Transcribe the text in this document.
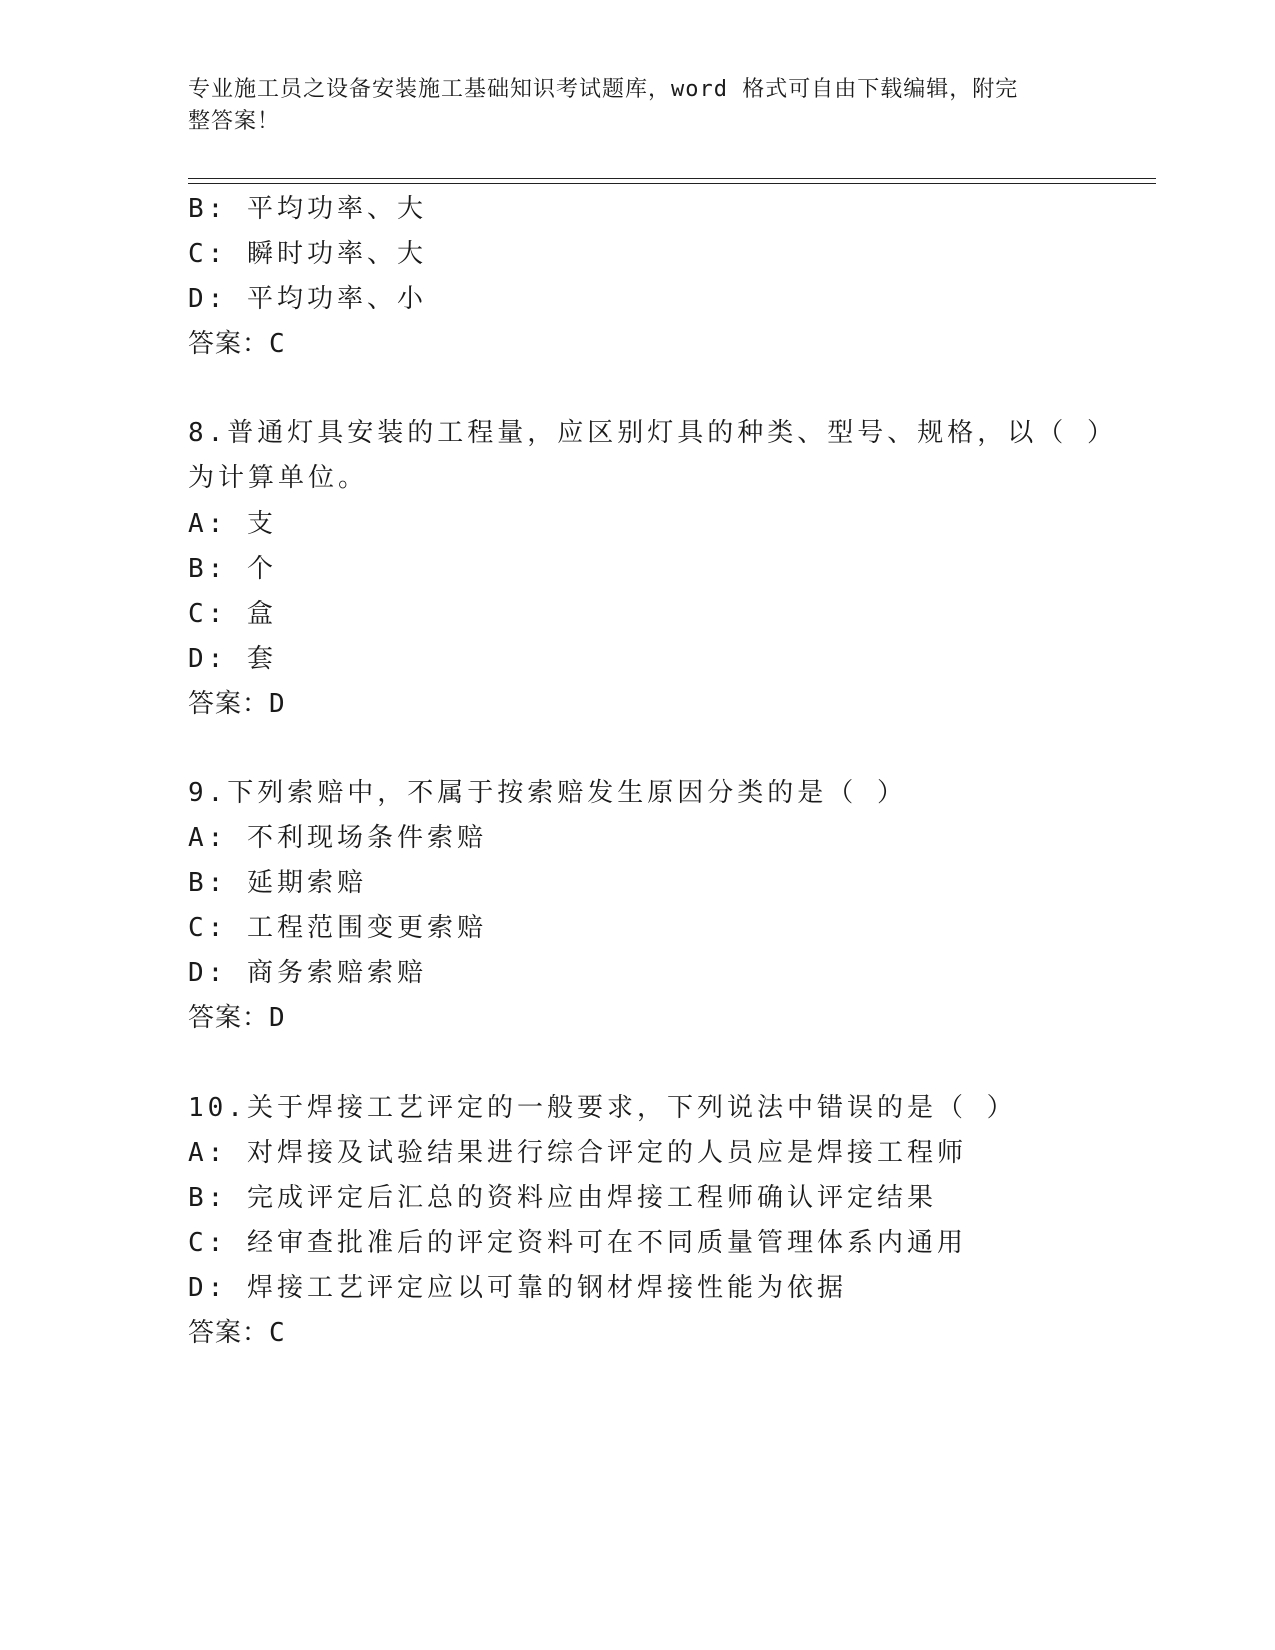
专业施工员之设备安装施工基础知识考试题库，word 格式可自由下载编辑，附完
整答案！
B: 平均功率、大
C: 瞬时功率、大
D: 平均功率、小
答案：C
8.普通灯具安装的工程量，应区别灯具的种类、型号、规格，以（ ）
为计算单位。
A: 支
B: 个
C: 盒
D: 套
答案：D
9.下列索赔中，不属于按索赔发生原因分类的是（ ）
A: 不利现场条件索赔
B: 延期索赔
C: 工程范围变更索赔
D: 商务索赔索赔
答案：D
10.关于焊接工艺评定的一般要求，下列说法中错误的是（ ）
A: 对焊接及试验结果进行综合评定的人员应是焊接工程师
B: 完成评定后汇总的资料应由焊接工程师确认评定结果
C: 经审查批准后的评定资料可在不同质量管理体系内通用
D: 焊接工艺评定应以可靠的钢材焊接性能为依据
答案：C
